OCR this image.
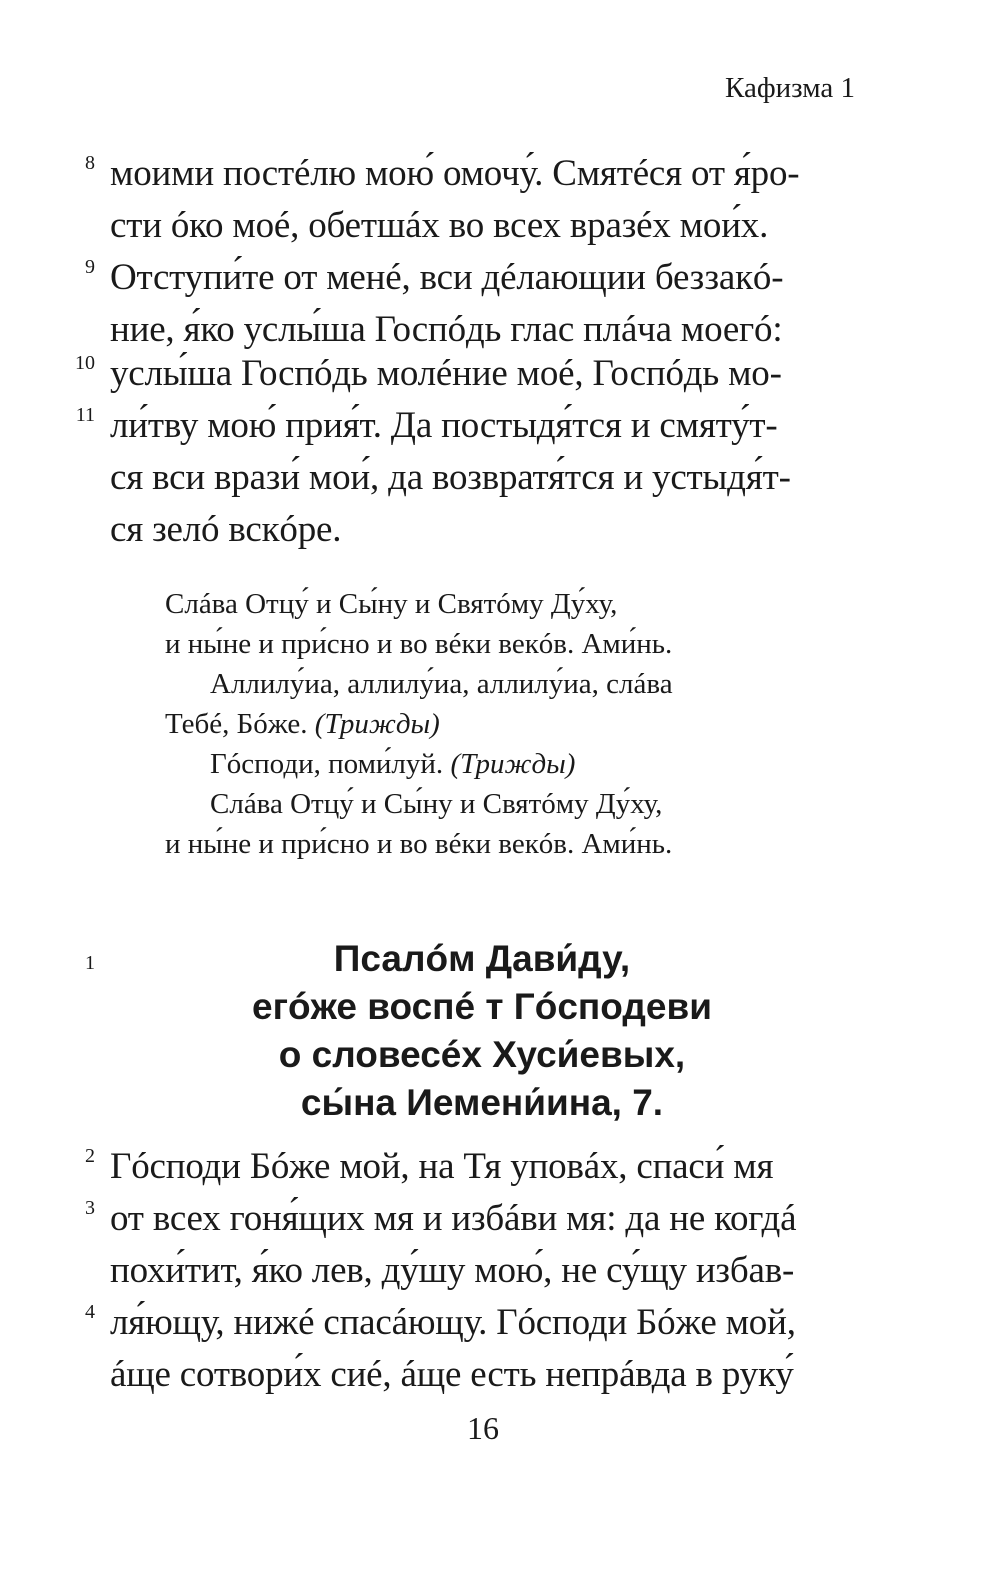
Кафизма 1
8 моими постéлю мою́ омочу́. Смятéся от я́ро-
сти óко моé, обетшáх во всех вразéх мои́х.
9 Отступи́те от менé, вси дéлающии беззакó-
ние, я́ко услы́ша Госпóдь глас плáча моегó:
10 услы́ша Госпóдь молéние моé, Госпóдь мо-
11 ли́тву мою́ прия́т. Да постыдя́тся и смяту́т-
ся вси врази́ мои́, да возвратя́тся и устыдя́т-
ся зелó вскóре.
Слáва Отцу́ и Сы́ну и Святóму Ду́ху,
и ны́не и при́сно и во вéки векóв. Ами́нь.
Аллилу́иа, аллилу́иа, аллилу́иа, слáва
Тебé, Бóже. (Трижды)
Гóсподи, поми́луй. (Трижды)
Слáва Отцу́ и Сы́ну и Святóму Ду́ху,
и ны́не и при́сно и во вéки векóв. Ами́нь.
1	Псалóм Дави́ду,
егóже воспé т Гóсподеви
о словесéх Хуси́евых,
сы́на Иемени́ина, 7.
2 Гóсподи Бóже мой, на Тя уповáх, спаси́ мя
3 от всех гоня́щих мя и избáви мя: да не когдá
похи́тит, я́ко лев, ду́шу мою́, не су́щу избав-
4 ля́ющу, нижé спасáющу. Гóсподи Бóже мой,
áще сотвори́х сиé, áще есть непрáвда в руку́
16
